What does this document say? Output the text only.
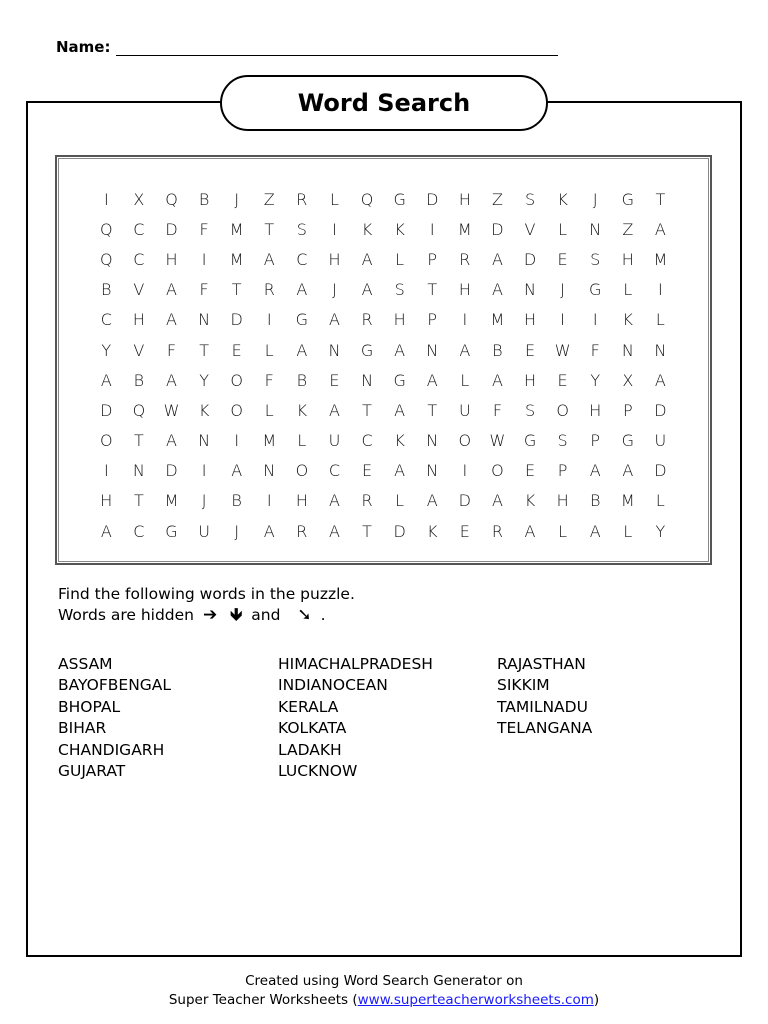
Name:
Word Search
I	X	Q	B	J	Z	R	L	Q	G	D	H	Z	S	K	J	G	T
Q	C	D	F	M	T	S	I	K	K	I	M	D	V	L	N	Z	A
Q	C	H	I	M	A	C	H	A	L	P	R	A	D	E	S	H	M
B	V	A	F	T	R	A	J	A	S	T	H	A	N	J	G	L	I
C	H	A	N	D	I	G	A	R	H	P	I	M	H	I	I	K	L
Y	V	F	T	E	L	A	N	G	A	N	A	B	E	W	F	N	N
A	B	A	Y	O	F	B	E	N	G	A	L	A	H	E	Y	X	A
D	Q	W	K	O	L	K	A	T	A	T	U	F	S	O	H	P	D
O	T	A	N	I	M	L	U	C	K	N	O	W	G	S	P	G	U
I	N	D	I	A	N	O	C	E	A	N	I	O	E	P	A	A	D
H	T	M	J	B	I	H	A	R	L	A	D	A	K	H	B	M	L
A	C	G	U	J	A	R	A	T	D	K	E	R	A	L	A	L	Y
Find the following words in the puzzle.
Words are hidden ➔ 🡻 and ➘ .
ASSAM
BAYOFBENGAL
BHOPAL
BIHAR
CHANDIGARH
GUJARAT
HIMACHALPRADESH
INDIANOCEAN
KERALA
KOLKATA
LADAKH
LUCKNOW
RAJASTHAN
SIKKIM
TAMILNADU
TELANGANA
Created using Word Search Generator on
Super Teacher Worksheets (www.superteacherworksheets.com)
